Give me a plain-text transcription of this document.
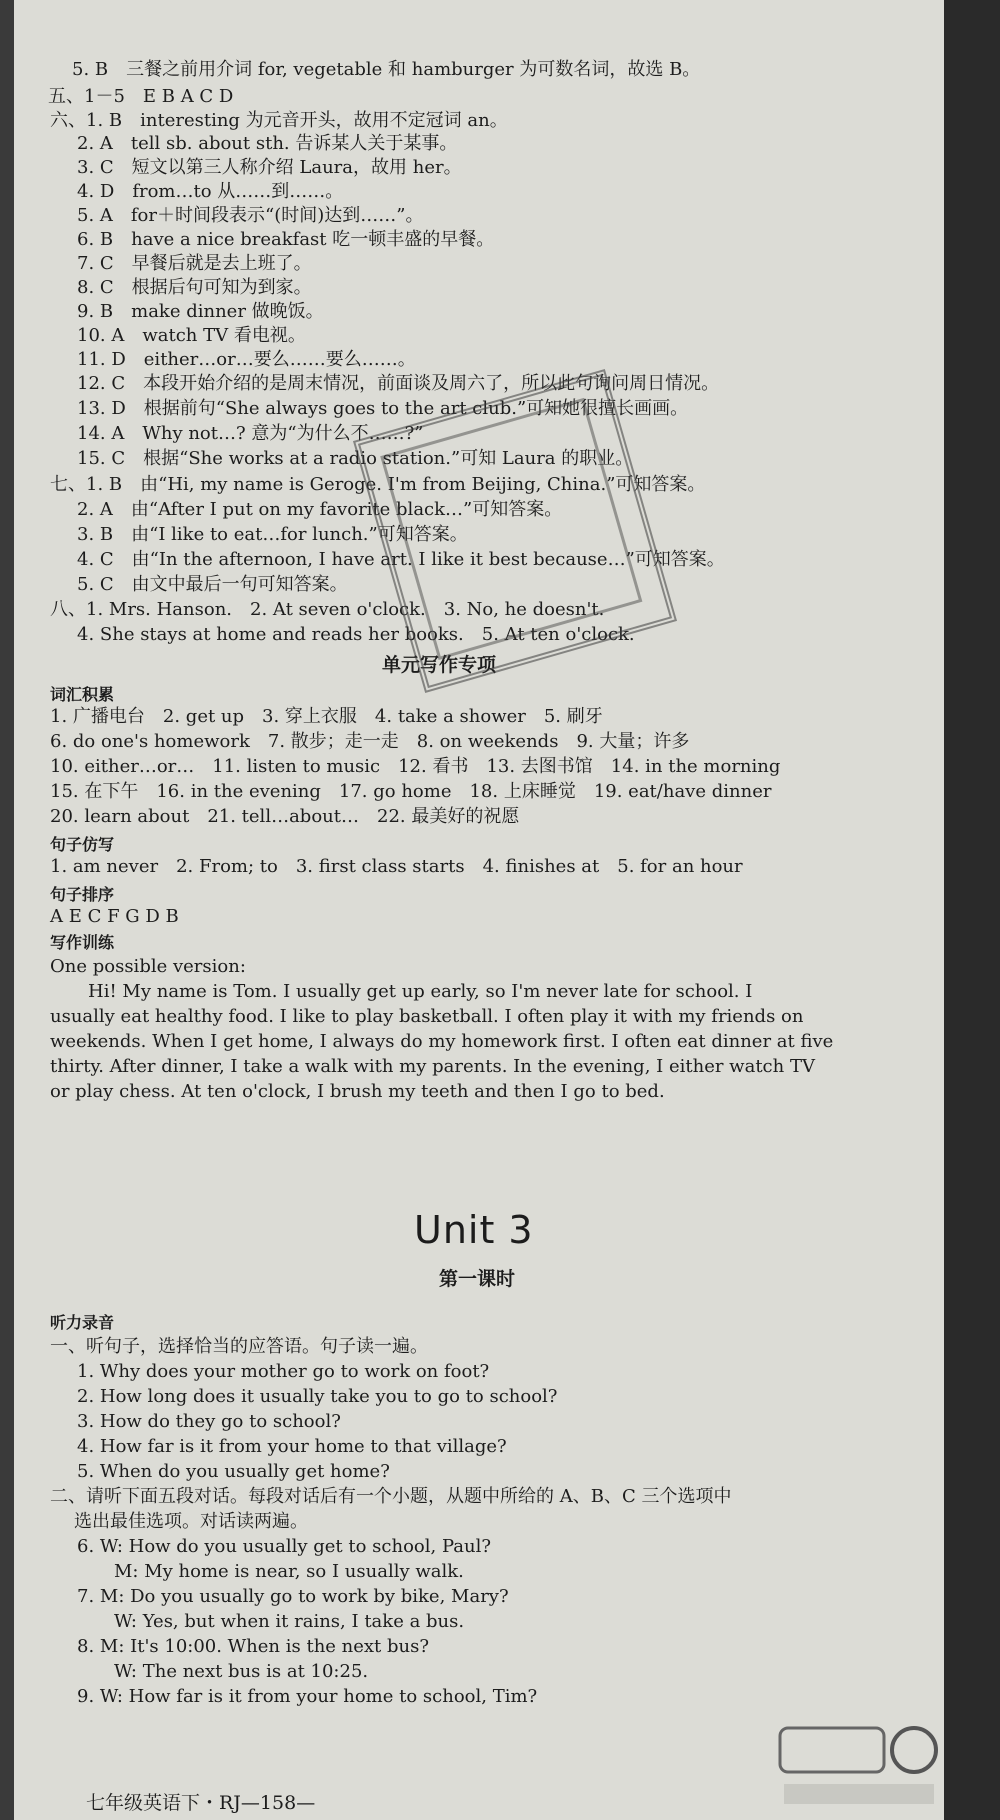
5. B　三餐之前用介词 for, vegetable 和 hamburger 为可数名词，故选 B。
五、1－5　E B A C D
六、1. B　interesting 为元音开头，故用不定冠词 an。
2. A　tell sb. about sth. 告诉某人关于某事。
3. C　短文以第三人称介绍 Laura，故用 her。
4. D　from…to 从……到……。
5. A　for＋时间段表示“(时间)达到……”。
6. B　have a nice breakfast 吃一顿丰盛的早餐。
7. C　早餐后就是去上班了。
8. C　根据后句可知为到家。
9. B　make dinner 做晚饭。
10. A　watch TV 看电视。
11. D　either…or…要么……要么……。
12. C　本段开始介绍的是周末情况，前面谈及周六了，所以此句询问周日情况。
13. D　根据前句“She always goes to the art club.”可知她很擅长画画。
14. A　Why not…? 意为“为什么不……?”
15. C　根据“She works at a radio station.”可知 Laura 的职业。
七、1. B　由“Hi, my name is Geroge. I'm from Beijing, China.”可知答案。
2. A　由“After I put on my favorite black…”可知答案。
3. B　由“I like to eat…for lunch.”可知答案。
4. C　由“In the afternoon, I have art. I like it best because…”可知答案。
5. C　由文中最后一句可知答案。
八、1. Mrs. Hanson.　2. At seven o'clock.　3. No, he doesn't.
4. She stays at home and reads her books.　5. At ten o'clock.
单元写作专项
词汇积累
1. 广播电台　2. get up　3. 穿上衣服　4. take a shower　5. 刷牙
6. do one's homework　7. 散步；走一走　8. on weekends　9. 大量；许多
10. either…or…　11. listen to music　12. 看书　13. 去图书馆　14. in the morning
15. 在下午　16. in the evening　17. go home　18. 上床睡觉　19. eat/have dinner
20. learn about　21. tell…about…　22. 最美好的祝愿
句子仿写
1. am never　2. From; to　3. first class starts　4. finishes at　5. for an hour
句子排序
A E C F G D B
写作训练
One possible version:
Hi! My name is Tom. I usually get up early, so I'm never late for school. I
usually eat healthy food. I like to play basketball. I often play it with my friends on
weekends. When I get home, I always do my homework first. I often eat dinner at five
thirty. After dinner, I take a walk with my parents. In the evening, I either watch TV
or play chess. At ten o'clock, I brush my teeth and then I go to bed.
Unit 3
第一课时
听力录音
一、听句子，选择恰当的应答语。句子读一遍。
1. Why does your mother go to work on foot?
2. How long does it usually take you to go to school?
3. How do they go to school?
4. How far is it from your home to that village?
5. When do you usually get home?
二、请听下面五段对话。每段对话后有一个小题，从题中所给的 A、B、C 三个选项中
选出最佳选项。对话读两遍。
6. W: How do you usually get to school, Paul?
M: My home is near, so I usually walk.
7. M: Do you usually go to work by bike, Mary?
W: Yes, but when it rains, I take a bus.
8. M: It's 10:00. When is the next bus?
W: The next bus is at 10:25.
9. W: How far is it from your home to school, Tim?
七年级英语下・RJ—158—
